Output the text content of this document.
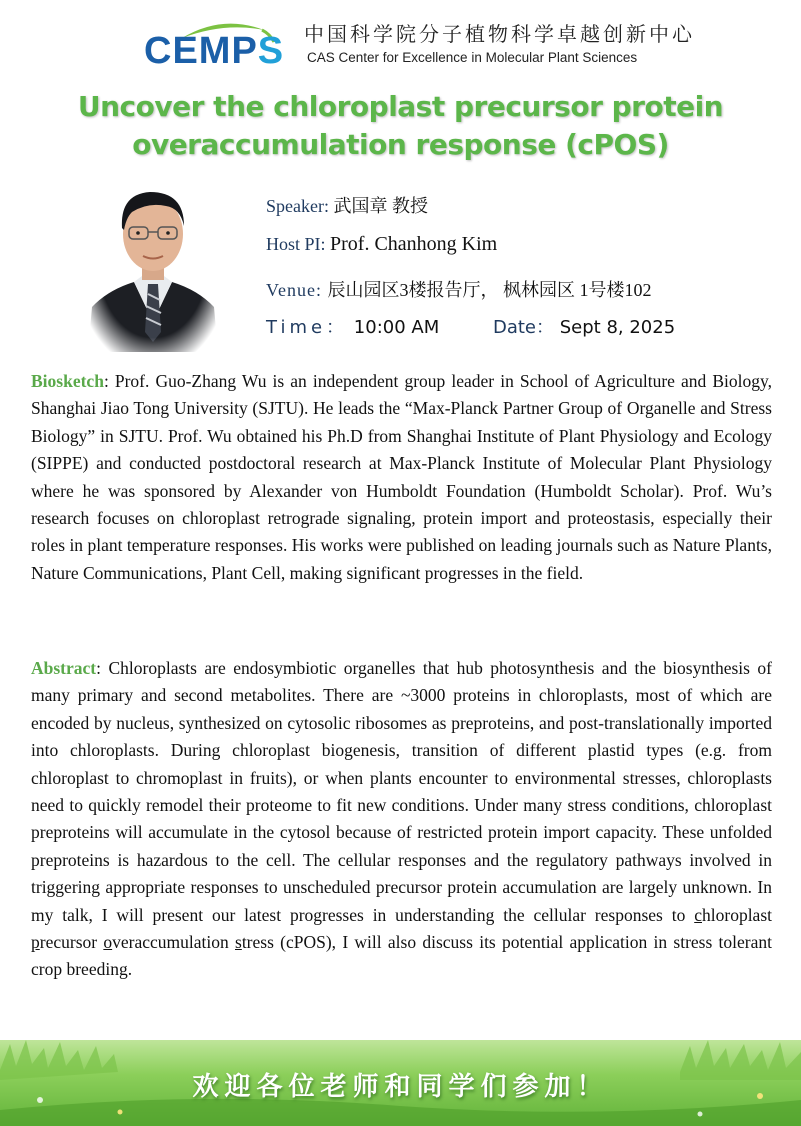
CEMPS 中国科学院分子植物科学卓越创新中心
CAS Center for Excellence in Molecular Plant Sciences
Uncover the chloroplast precursor protein
overaccumulation response (cPOS)
Speaker: 武国章 教授
Host PI: Prof. Chanhong Kim
Venue: 辰山园区3楼报告厅， 枫林园区 1号楼102
Time： 10:00 AM	Date： Sept 8, 2025
Biosketch: Prof. Guo-Zhang Wu is an independent group leader in School of Agriculture and Biology, Shanghai Jiao Tong University (SJTU). He leads the “Max-Planck Partner Group of Organelle and Stress Biology” in SJTU. Prof. Wu obtained his Ph.D from Shanghai Institute of Plant Physiology and Ecology (SIPPE) and conducted postdoctoral research at Max-Planck Institute of Molecular Plant Physiology where he was sponsored by Alexander von Humboldt Foundation (Humboldt Scholar). Prof. Wu’s research focuses on chloroplast retrograde signaling, protein import and proteostasis, especially their roles in plant temperature responses. His works were published on leading journals such as Nature Plants, Nature Communications, Plant Cell, making significant progresses in the field.
Abstract: Chloroplasts are endosymbiotic organelles that hub photosynthesis and the biosynthesis of many primary and second metabolites. There are ~3000 proteins in chloroplasts, most of which are encoded by nucleus, synthesized on cytosolic ribosomes as preproteins, and post-translationally imported into chloroplasts. During chloroplast biogenesis, transition of different plastid types (e.g. from chloroplast to chromoplast in fruits), or when plants encounter to environmental stresses, chloroplasts need to quickly remodel their proteome to fit new conditions. Under many stress conditions, chloroplast preproteins will accumulate in the cytosol because of restricted protein import capacity. These unfolded preproteins is hazardous to the cell. The cellular responses and the regulatory pathways involved in triggering appropriate responses to unscheduled precursor protein accumulation are largely unknown. In my talk, I will present our latest progresses in understanding the cellular responses to chloroplast precursor overaccumulation stress (cPOS), I will also discuss its potential application in stress tolerant crop breeding.
欢迎各位老师和同学们参加！
